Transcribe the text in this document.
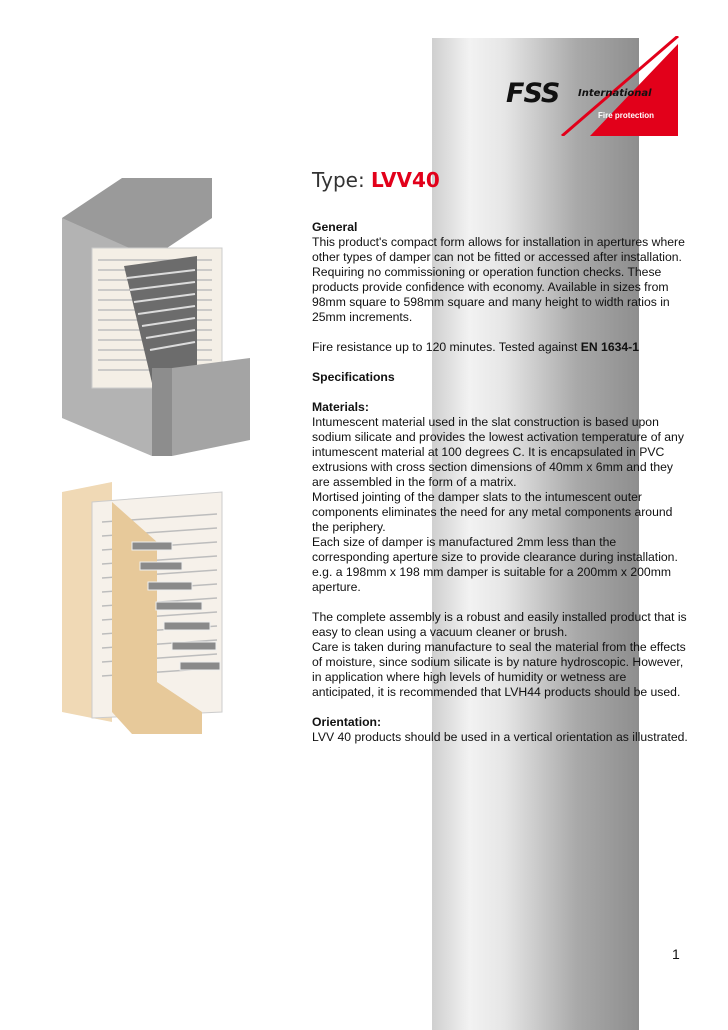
FSS International
Fire protection
Type: LVV40

General

This product's compact form allows for installation in apertures where other types of damper can not be fitted or accessed after installation. Requiring no commissioning or operation function checks. These products provide confidence with economy. Available in sizes from 98mm square to 598mm square and many height to width ratios in 25mm increments.

Fire resistance up to 120 minutes. Tested against EN 1634-1

Specifications

Materials:

Intumescent material used in the slat construction is based upon sodium silicate and provides the lowest activation temperature of any intumescent material at 100 degrees C. It is encapsulated in PVC extrusions with cross section dimensions of 40mm x 6mm and they are assembled in the form of a matrix.

Mortised jointing of the damper slats to the intumescent outer components eliminates the need for any metal components around the periphery.

Each size of damper is manufactured 2mm less than the corresponding aperture size to provide clearance during installation. e.g. a 198mm x 198 mm damper is suitable for a 200mm x 200mm aperture.

The complete assembly is a robust and easily installed product that is easy to clean using a vacuum cleaner or brush.

Care is taken during manufacture to seal the material from the effects of moisture, since sodium silicate is by nature hydroscopic. However, in application where high levels of humidity or wetness are anticipated, it is recommended that LVH44 products should be used.

Orientation:

LVV 40 products should be used in a vertical orientation as illustrated.

1
